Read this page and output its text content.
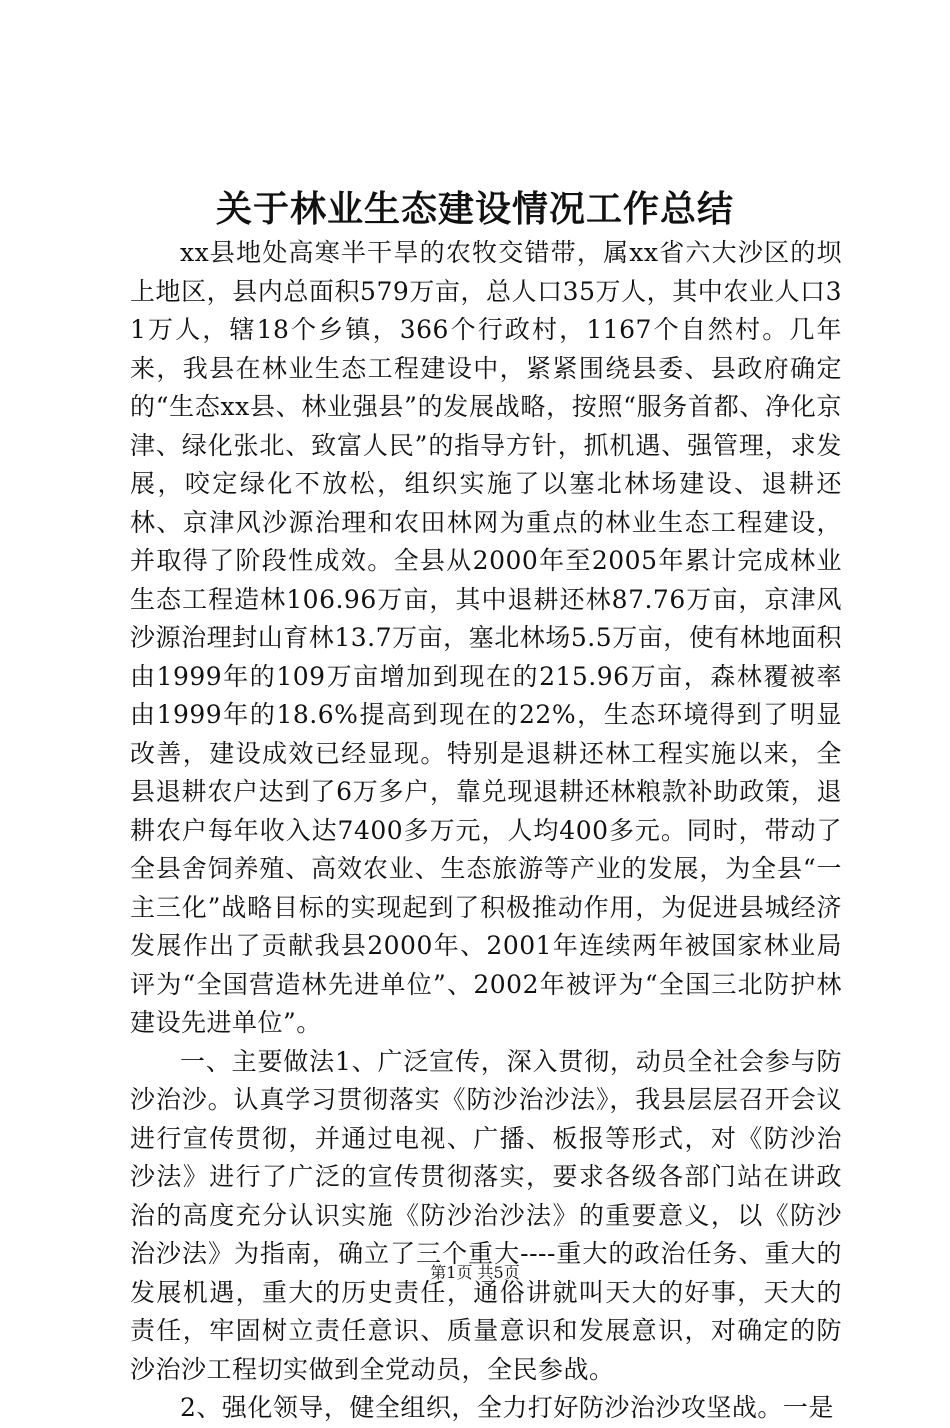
关于林业生态建设情况工作总结

xx县地处高寒半干旱的农牧交错带，属xx省六大沙区的坝上地区，县内总面积579万亩，总人口35万人，其中农业人口31万人，辖18个乡镇，366个行政村，1167个自然村。几年来，我县在林业生态工程建设中，紧紧围绕县委、县政府确定的“生态xx县、林业强县”的发展战略，按照“服务首都、净化京津、绿化张北、致富人民”的指导方针，抓机遇、强管理，求发展，咬定绿化不放松，组织实施了以塞北林场建设、退耕还林、京津风沙源治理和农田林网为重点的林业生态工程建设，并取得了阶段性成效。全县从2000年至2005年累计完成林业生态工程造林106.96万亩，其中退耕还林87.76万亩，京津风沙源治理封山育林13.7万亩，塞北林场5.5万亩，使有林地面积由1999年的109万亩增加到现在的215.96万亩，森林覆被率由1999年的18.6%提高到现在的22%，生态环境得到了明显改善，建设成效已经显现。特别是退耕还林工程实施以来，全县退耕农户达到了6万多户，靠兑现退耕还林粮款补助政策，退耕农户每年收入达7400多万元，人均400多元。同时，带动了全县舍饲养殖、高效农业、生态旅游等产业的发展，为全县“一主三化”战略目标的实现起到了积极推动作用，为促进县城经济发展作出了贡献我县2000年、2001年连续两年被国家林业局评为“全国营造林先进单位”、2002年被评为“全国三北防护林建设先进单位”。

一、主要做法1、广泛宣传，深入贯彻，动员全社会参与防沙治沙。认真学习贯彻落实《防沙治沙法》，我县层层召开会议进行宣传贯彻，并通过电视、广播、板报等形式，对《防沙治沙法》进行了广泛的宣传贯彻落实，要求各级各部门站在讲政治的高度充分认识实施《防沙治沙法》的重要意义，以《防沙治沙法》为指南，确立了三个重大----重大的政治任务、重大的发展机遇，重大的历史责任，通俗讲就叫天大的好事，天大的责任，牢固树立责任意识、质量意识和发展意识，对确定的防沙治沙工程切实做到全党动员，全民参战。

2、强化领导，健全组织，全力打好防沙治沙攻坚战。一是

第1页 共5页
